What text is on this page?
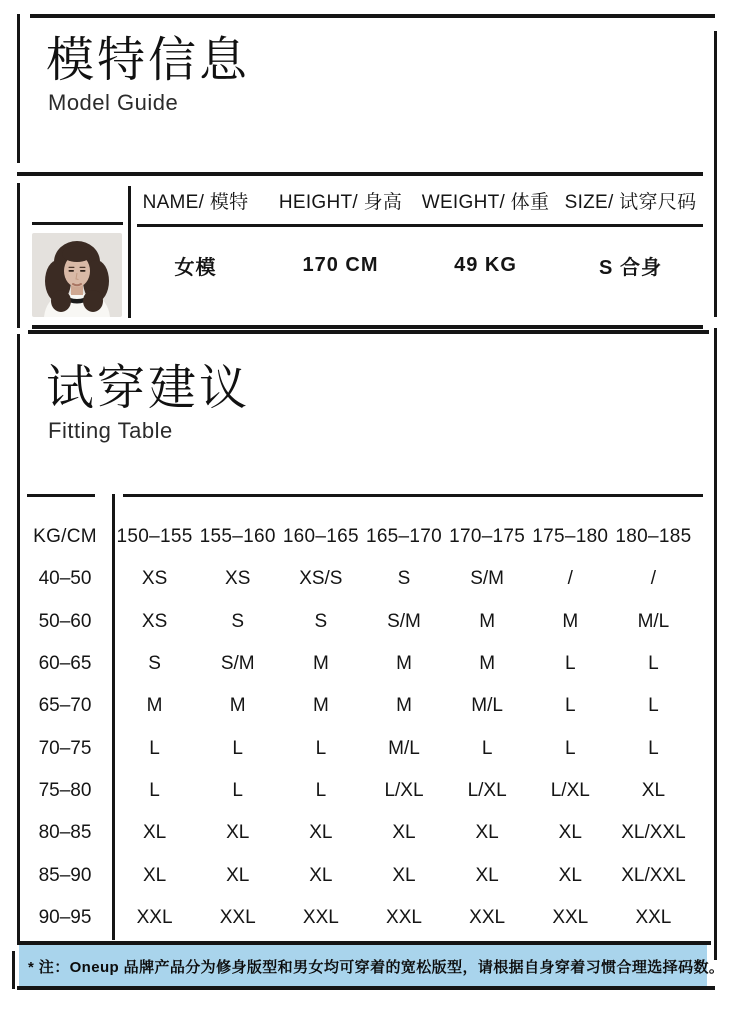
模特信息
Model Guide
NAME/ 模特	HEIGHT/ 身高	WEIGHT/ 体重 SIZE/ 试穿尺码
女模	170 CM	49 KG	S 合身
试穿建议
Fitting Table
KG/CM	150–155 155–160 160–165 165–170 170–175 175–180 180–185
40–50	XS	XS	XS/S	S	S/M	/	/
50–60	XS	S	S	S/M	M	M	M/L
60–65	S	S/M	M	M	M	L	L
65–70	M	M	M	M	M/L	L	L
70–75	L	L	L	M/L	L	L	L
75–80	L	L	L	L/XL	L/XL	L/XL	XL
80–85	XL	XL	XL	XL	XL	XL	XL/XXL
85–90	XL	XL	XL	XL	XL	XL	XL/XXL
90–95	XXL	XXL	XXL	XXL	XXL	XXL	XXL
* 注：Oneup 品牌产品分为修身版型和男女均可穿着的宽松版型，请根据自身穿着习惯合理选择码数。
